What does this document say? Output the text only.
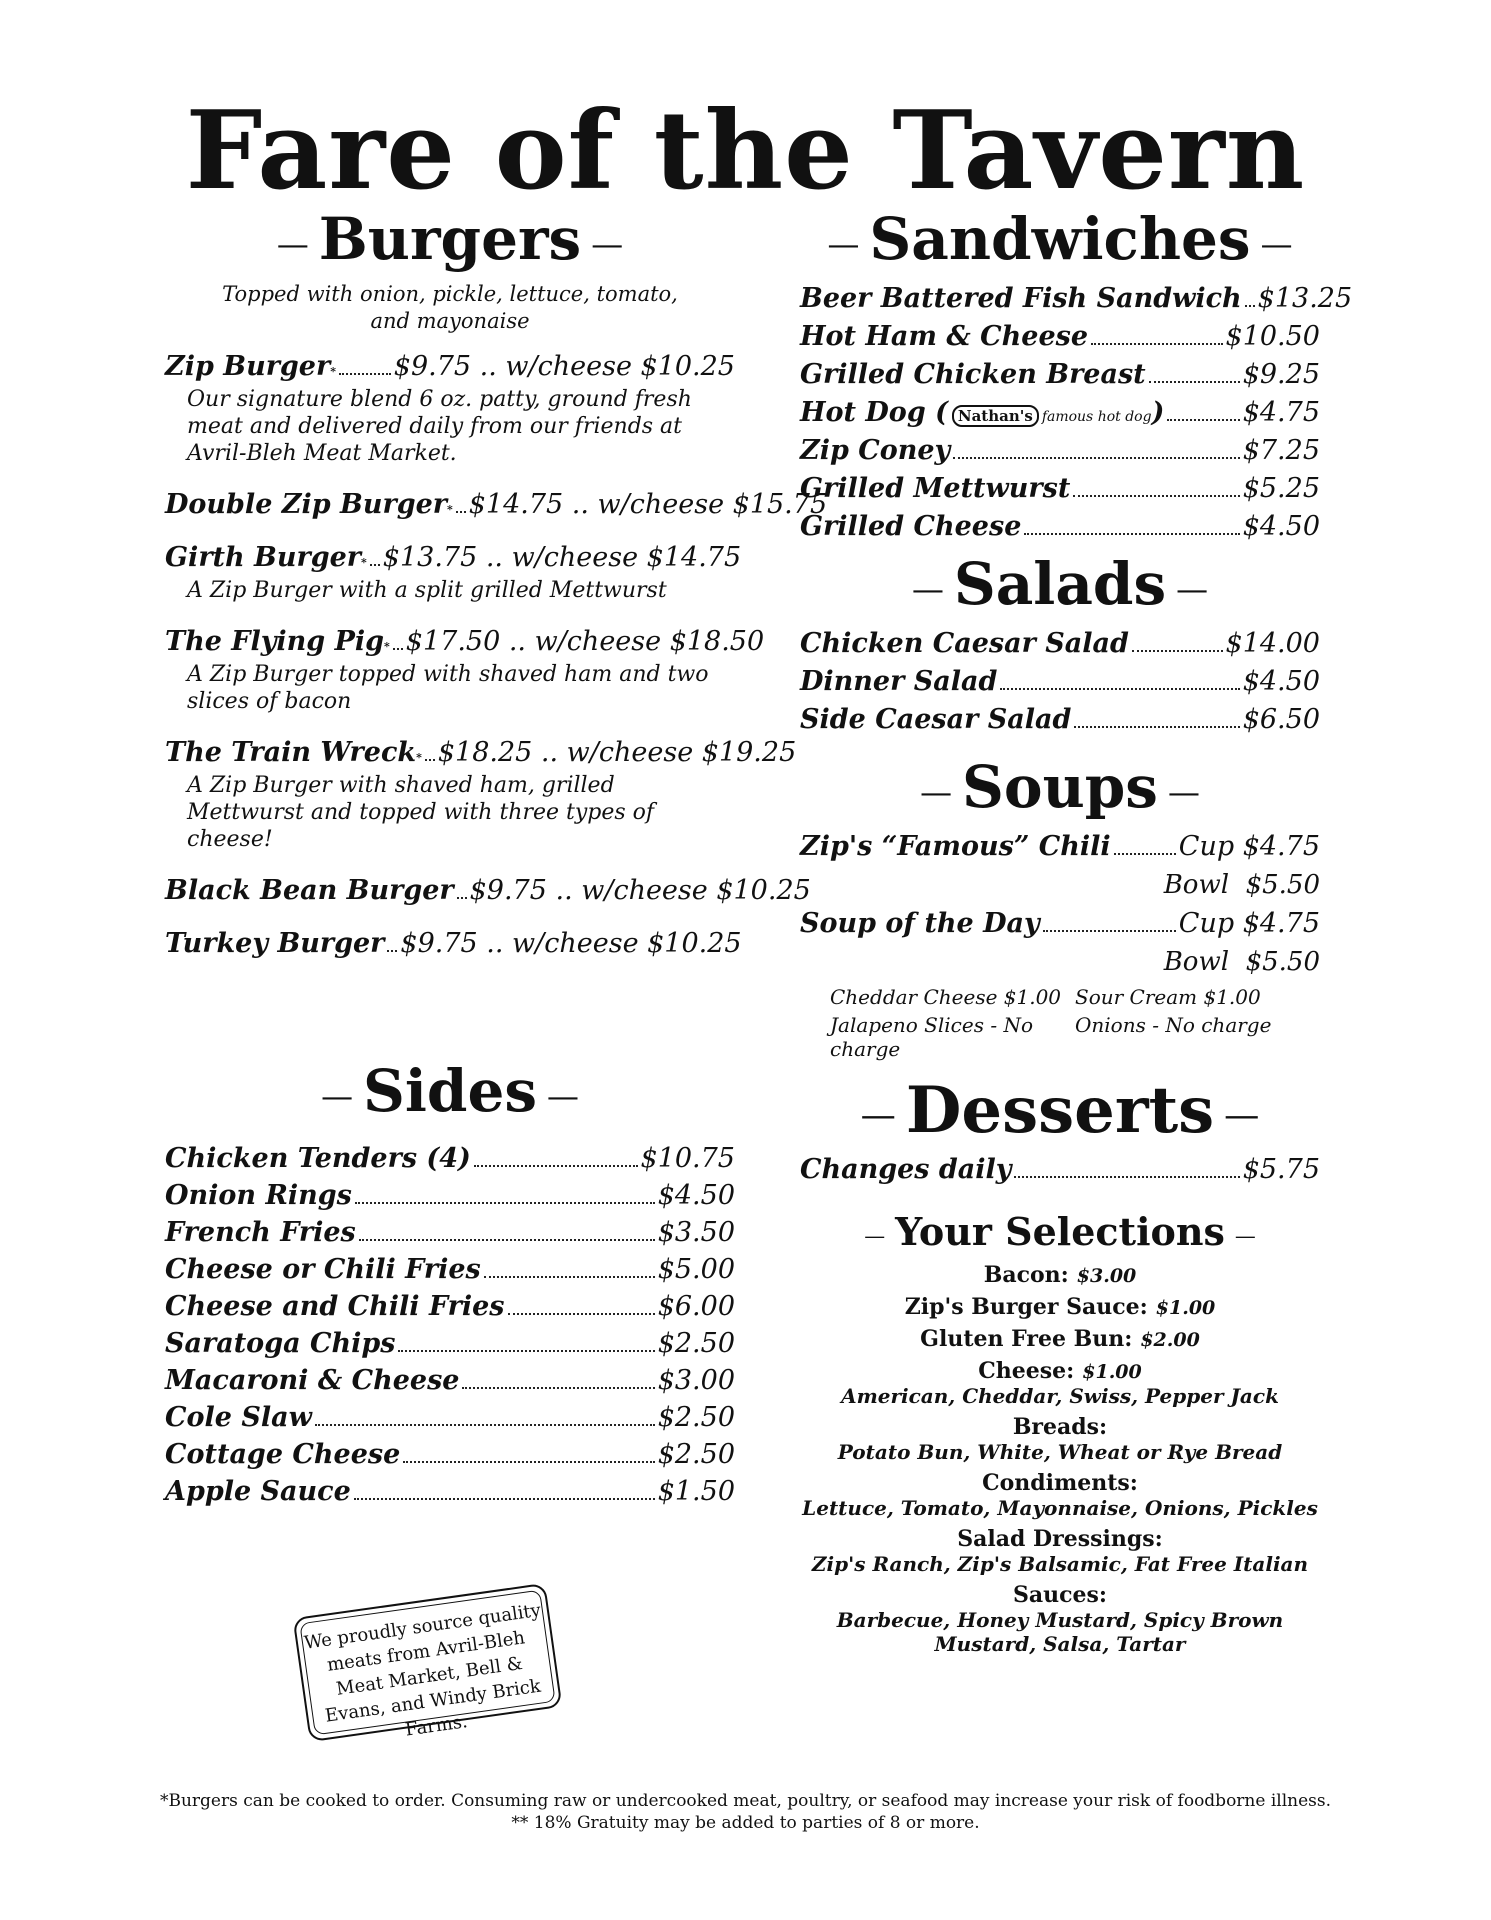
Fare of the Tavern
— Burgers —
Topped with onion, pickle, lettuce, tomato, and mayonaise
Zip Burger * $9.75 .. w/cheese $10.25
Our signature blend 6 oz. patty, ground fresh meat and delivered daily from our friends at Avril-Bleh Meat Market.
Double Zip Burger * $14.75 .. w/cheese $15.75
Girth Burger * $13.75 .. w/cheese $14.75
A Zip Burger with a split grilled Mettwurst
The Flying Pig * $17.50 .. w/cheese $18.50
A Zip Burger topped with shaved ham and two slices of bacon
The Train Wreck * $18.25 .. w/cheese $19.25
A Zip Burger with shaved ham, grilled Mettwurst and topped with three types of cheese!
Black Bean Burger $9.75 .. w/cheese $10.25
Turkey Burger $9.75 .. w/cheese $10.25
— Sides —
Chicken Tenders (4)	$10.75
Onion Rings	$4.50
French Fries	$3.50
Cheese or Chili Fries	$5.00
Cheese and Chili Fries	$6.00
Saratoga Chips	$2.50
Macaroni & Cheese	$3.00
Cole Slaw	$2.50
Cottage Cheese	$2.50
Apple Sauce	$1.50
We proudly source quality meats from Avril-Bleh Meat Market, Bell & Evans, and Windy Brick Farms.
— Sandwiches —
Beer Battered Fish Sandwich $13.25
Hot Ham & Cheese	$10.50
Grilled Chicken Breast	$9.25
Hot Dog ( Nathan's famous hot dog )	$4.75
Zip Coney	$7.25
Grilled Mettwurst	$5.25
Grilled Cheese	$4.50
— Salads —
Chicken Caesar Salad	$14.00
Dinner Salad	$4.50
Side Caesar Salad	$6.50
— Soups —
Zip's “Famous” Chili	Cup $4.75
Bowl  $5.50
Soup of the Day	Cup $4.75
Bowl  $5.50
Cheddar Cheese $1.00 Sour Cream $1.00
Jalapeno Slices - No charge
Onions - No charge
— Desserts —
Changes daily	$5.75
— Your Selections —
Bacon: $3.00
Zip's Burger Sauce: $1.00
Gluten Free Bun: $2.00
Cheese: $1.00
American, Cheddar, Swiss, Pepper Jack
Breads:
Potato Bun, White, Wheat or Rye Bread
Condiments:
Lettuce, Tomato, Mayonnaise, Onions, Pickles
Salad Dressings:
Zip's Ranch, Zip's Balsamic, Fat Free Italian
Sauces:
Barbecue, Honey Mustard, Spicy Brown Mustard, Salsa, Tartar
*Burgers can be cooked to order. Consuming raw or undercooked meat, poultry, or seafood may increase your risk of foodborne illness.
** 18% Gratuity may be added to parties of 8 or more.
